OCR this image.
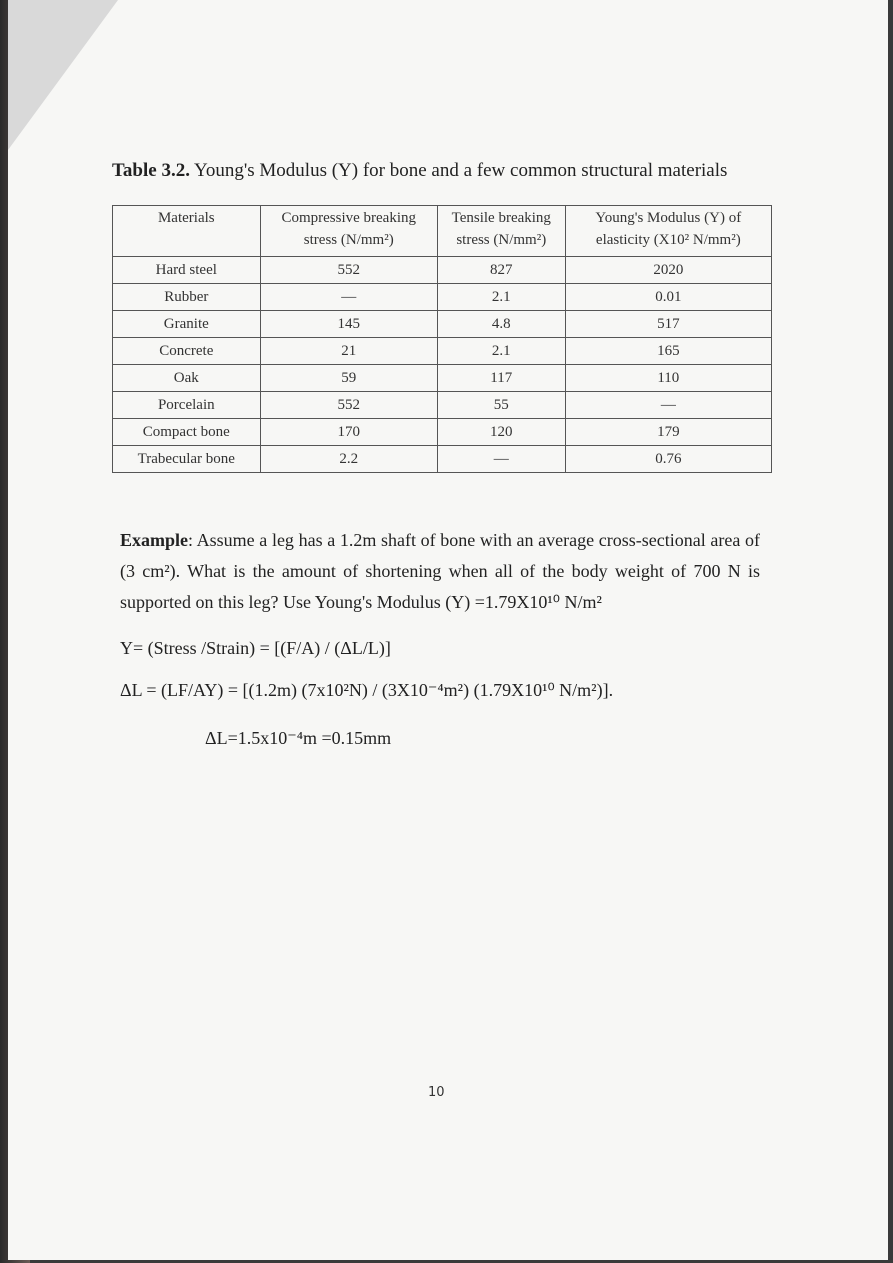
Table 3.2. Young's Modulus (Y) for bone and a few common structural materials
Materials	Compressive breaking stress (N/mm²)	Tensile breaking stress (N/mm²)	Young's Modulus (Y) of elasticity (X10² N/mm²)
Hard steel	552	827	2020
Rubber	—	2.1	0.01
Granite	145	4.8	517
Concrete	21	2.1	165
Oak	59	117	110
Porcelain	552	55	—
Compact bone	170	120	179
Trabecular bone	2.2	—	0.76
Example: Assume a leg has a 1.2m shaft of bone with an average cross-sectional area of (3 cm²). What is the amount of shortening when all of the body weight of 700 N is supported on this leg? Use Young's Modulus (Y) =1.79X10¹⁰ N/m²
Y= (Stress /Strain) = [(F/A) / (ΔL/L)]
ΔL = (LF/AY) = [(1.2m) (7x10²N) / (3X10⁻⁴m²) (1.79X10¹⁰ N/m²)].
ΔL=1.5x10⁻⁴m =0.15mm
10
